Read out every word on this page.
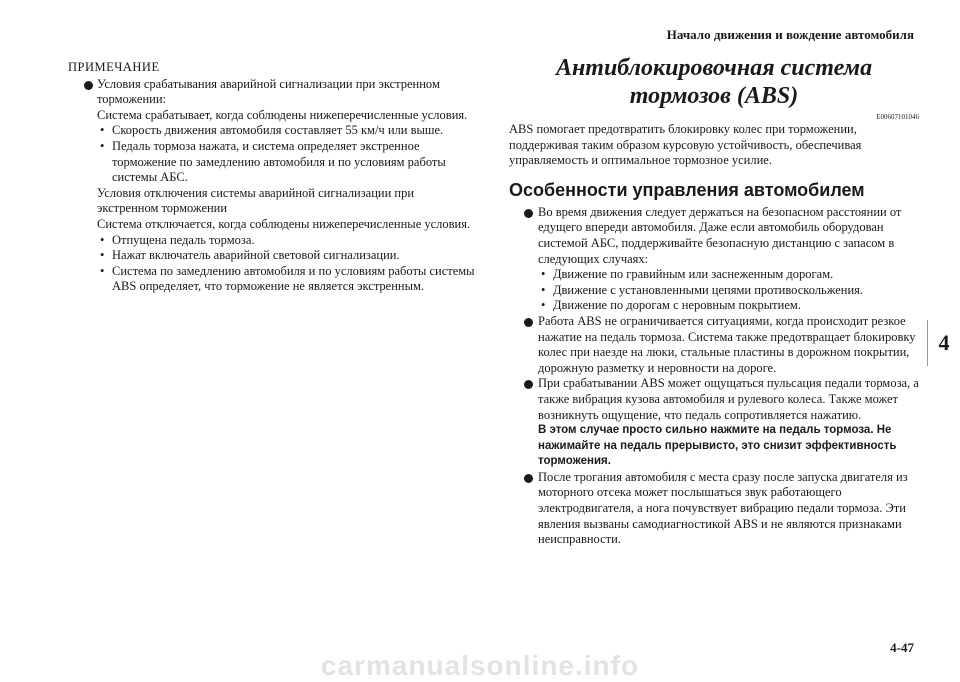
Начало движения и вождение автомобиля
4
ПРИМЕЧАНИЕ
Условия срабатывания аварийной сигнализации при экстренном торможении:
Система срабатывает, когда соблюдены нижеперечисленные условия.
• Скорость движения автомобиля составляет 55 км/ч или выше.
• Педаль тормоза нажата, и система определяет экстренное торможение по замедлению автомобиля и по условиям работы системы АБС.
Условия отключения системы аварийной сигнализации при экстренном торможении
Система отключается, когда соблюдены нижеперечисленные условия.
• Отпущена педаль тормоза.
• Нажат включатель аварийной световой сигнализации.
• Система по замедлению автомобиля и по условиям работы системы ABS определяет, что торможение не является экстренным.
Антиблокировочная система тормозов (ABS)
E00607101046
ABS помогает предотвратить блокировку колес при торможении, поддерживая таким образом курсовую устойчивость, обеспечивая управляемость и оптимальное тормозное усилие.
Особенности управления автомобилем
Во время движения следует держаться на безопасном расстоянии от едущего впереди автомобиля. Даже если автомобиль оборудован системой АБС, поддерживайте безопасную дистанцию с запасом в следующих случаях:
• Движение по гравийным или заснеженным дорогам.
• Движение с установленными цепями противоскольжения.
• Движение по дорогам с неровным покрытием.
Работа ABS не ограничивается ситуациями, когда происходит резкое нажатие на педаль тормоза. Система также предотвращает блокировку колес при наезде на люки, стальные пластины в дорожном покрытии, дорожную разметку и неровности на дороге.
При срабатывании ABS может ощущаться пульсация педали тормоза, а также вибрация кузова автомобиля и рулевого колеса. Также может возникнуть ощущение, что педаль сопротивляется нажатию.
В этом случае просто сильно нажмите на педаль тормоза. Не нажимайте на педаль прерывисто, это снизит эффективность торможения.
После трогания автомобиля с места сразу после запуска двигателя из моторного отсека может послышаться звук работающего электродвигателя, а нога почувствует вибрацию педали тормоза. Эти явления вызваны самодиагностикой ABS и не являются признаками неисправности.
4-47
carmanualsonline.info
